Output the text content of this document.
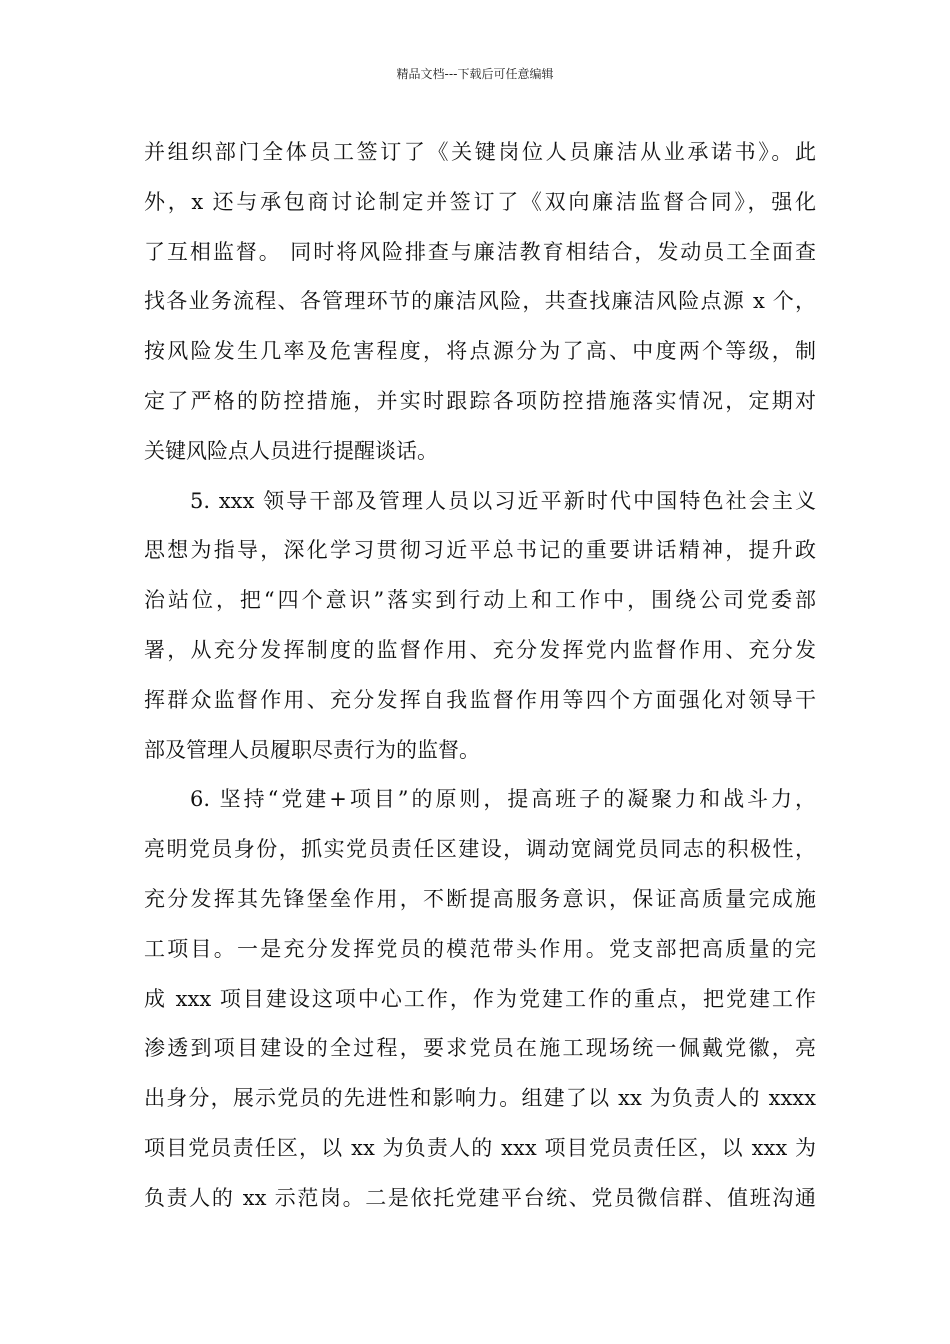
精品文档---下载后可任意编辑
并组织部门全体员工签订了《关键岗位人员廉洁从业承诺书》。此
外，x 还与承包商讨论制定并签订了《双向廉洁监督合同》，强化
了互相监督。 同时将风险排查与廉洁教育相结合，发动员工全面查
找各业务流程、各管理环节的廉洁风险，共查找廉洁风险点源 x 个，
按风险发生几率及危害程度，将点源分为了高、中度两个等级，制
定了严格的防控措施，并实时跟踪各项防控措施落实情况，定期对
关键风险点人员进行提醒谈话。
5. xxx 领导干部及管理人员以习近平新时代中国特色社会主义
思想为指导，深化学习贯彻习近平总书记的重要讲话精神，提升政
治站位，把“四个意识”落实到行动上和工作中，围绕公司党委部
署，从充分发挥制度的监督作用、充分发挥党内监督作用、充分发
挥群众监督作用、充分发挥自我监督作用等四个方面强化对领导干
部及管理人员履职尽责行为的监督。
6. 坚持“党建+项目”的原则，提高班子的凝聚力和战斗力，
亮明党员身份，抓实党员责任区建设，调动宽阔党员同志的积极性，
充分发挥其先锋堡垒作用，不断提高服务意识，保证高质量完成施
工项目。一是充分发挥党员的模范带头作用。党支部把高质量的完
成 xxx 项目建设这项中心工作，作为党建工作的重点，把党建工作
渗透到项目建设的全过程，要求党员在施工现场统一佩戴党徽，亮
出身分，展示党员的先进性和影响力。组建了以 xx 为负责人的 xxxx
项目党员责任区，以 xx 为负责人的 xxx 项目党员责任区，以 xxx 为
负责人的 xx 示范岗。二是依托党建平台统、党员微信群、值班沟通
